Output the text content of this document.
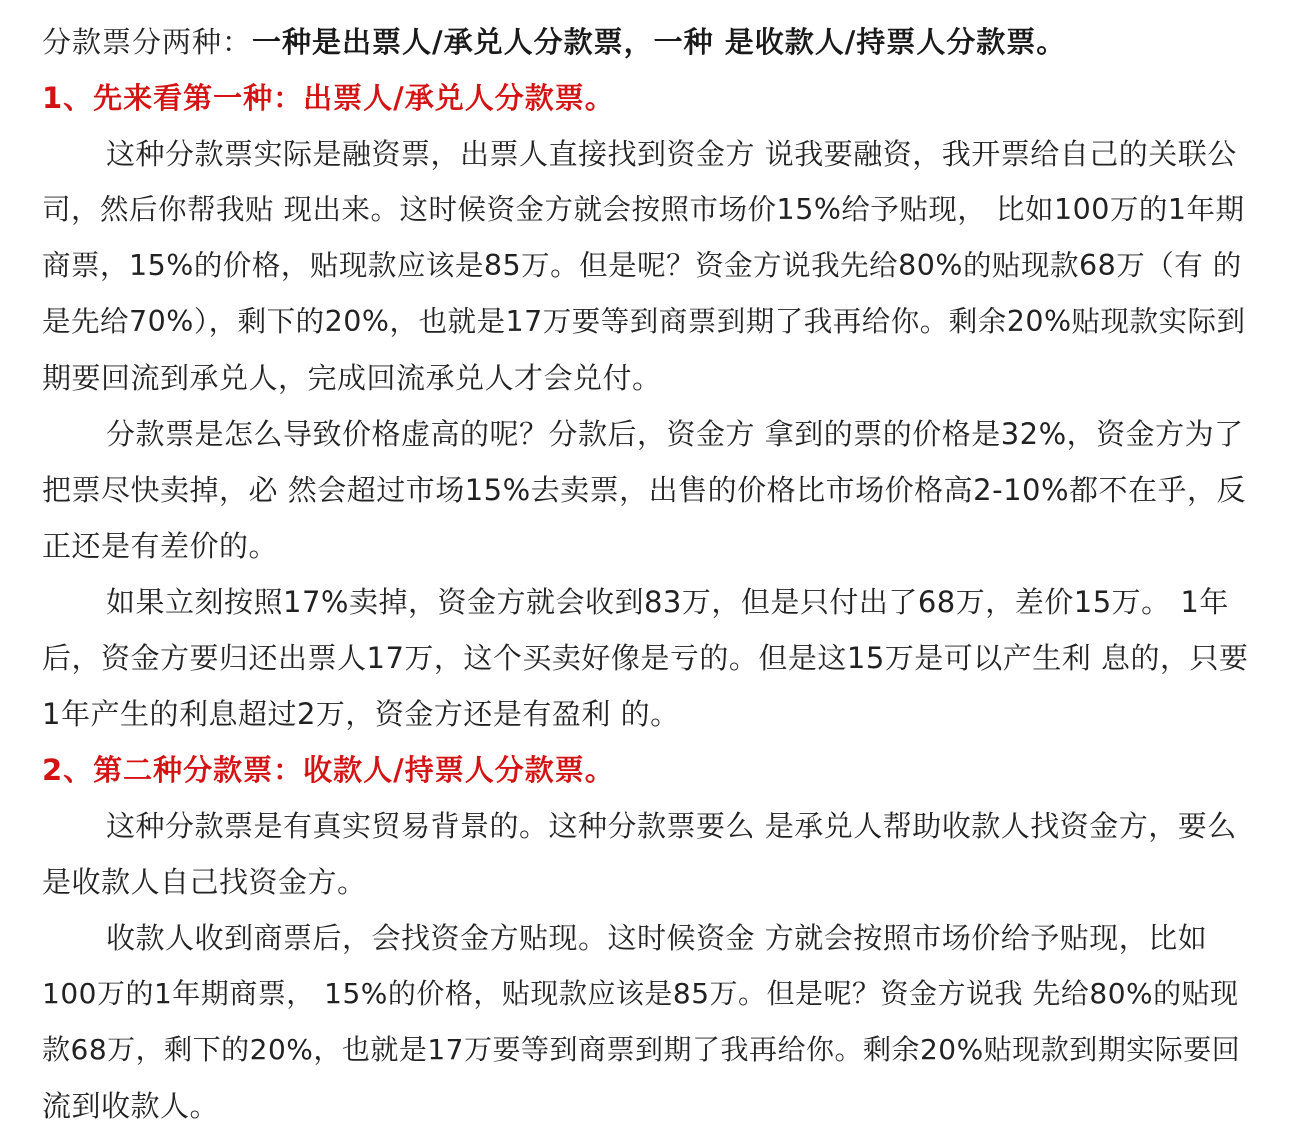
分款票分两种：一种是出票人/承兑人分款票，一种 是收款人/持票人分款票。
1、先来看第一种：出票人/承兑人分款票。
这种分款票实际是融资票，出票人直接找到资金方 说我要融资，我开票给自己的关联公
司，然后你帮我贴 现出来。这时候资金方就会按照市场价15%给予贴现， 比如100万的1年期
商票，15%的价格，贴现款应该是85万。但是呢？资金方说我先给80%的贴现款68万（有 的
是先给70%），剩下的20%，也就是17万要等到商票到期了我再给你。剩余20%贴现款实际到
期要回流到承兑人，完成回流承兑人才会兑付。
分款票是怎么导致价格虚高的呢？分款后，资金方 拿到的票的价格是32%，资金方为了
把票尽快卖掉，必 然会超过市场15%去卖票，出售的价格比市场价格高2-10%都不在乎，反
正还是有差价的。
如果立刻按照17%卖掉，资金方就会收到83万，但是只付出了68万，差价15万。 1年
后，资金方要归还出票人17万，这个买卖好像是亏的。但是这15万是可以产生利 息的，只要
1年产生的利息超过2万，资金方还是有盈利 的。
2、第二种分款票：收款人/持票人分款票。
这种分款票是有真实贸易背景的。这种分款票要么 是承兑人帮助收款人找资金方，要么
是收款人自己找资金方。
收款人收到商票后，会找资金方贴现。这时候资金 方就会按照市场价给予贴现，比如
100万的1年期商票， 15%的价格，贴现款应该是85万。但是呢？资金方说我 先给80%的贴现
款68万，剩下的20%，也就是17万要等到商票到期了我再给你。剩余20%贴现款到期实际要回
流到收款人。
